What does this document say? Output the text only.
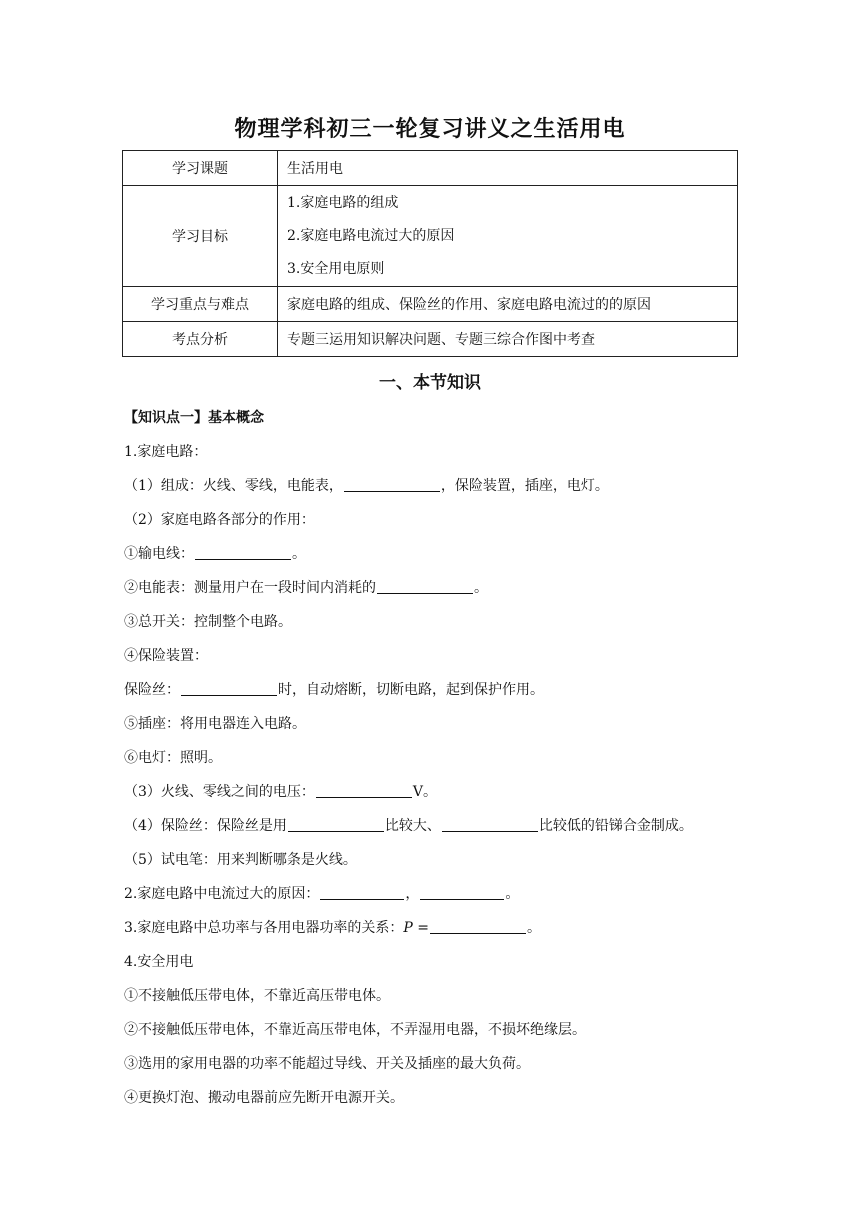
物理学科初三一轮复习讲义之生活用电
学习课题	生活用电
学习目标	1.家庭电路的组成
2.家庭电路电流过大的原因
3.安全用电原则

学习重点与难点	家庭电路的组成、保险丝的作用、家庭电路电流过的的原因
考点分析	专题三运用知识解决问题、专题三综合作图中考查
一、本节知识
【知识点一】基本概念
1.家庭电路：
（1）组成：火线、零线，电能表，	，保险装置，插座，电灯。
（2）家庭电路各部分的作用：
①输电线：	。
②电能表：测量用户在一段时间内消耗的	。
③总开关：控制整个电路。
④保险装置：
保险丝：	时，自动熔断，切断电路，起到保护作用。
⑤插座：将用电器连入电路。
⑥电灯：照明。
（3）火线、零线之间的电压：	V。
（4）保险丝：保险丝是用	比较大、	比较低的铅锑合金制成。
（5）试电笔：用来判断哪条是火线。
2.家庭电路中电流过大的原因：	，	。
3.家庭电路中总功率与各用电器功率的关系：P =	。
4.安全用电
①不接触低压带电体，不靠近高压带电体。
②不接触低压带电体，不靠近高压带电体，不弄湿用电器，不损坏绝缘层。
③选用的家用电器的功率不能超过导线、开关及插座的最大负荷。
④更换灯泡、搬动电器前应先断开电源开关。
